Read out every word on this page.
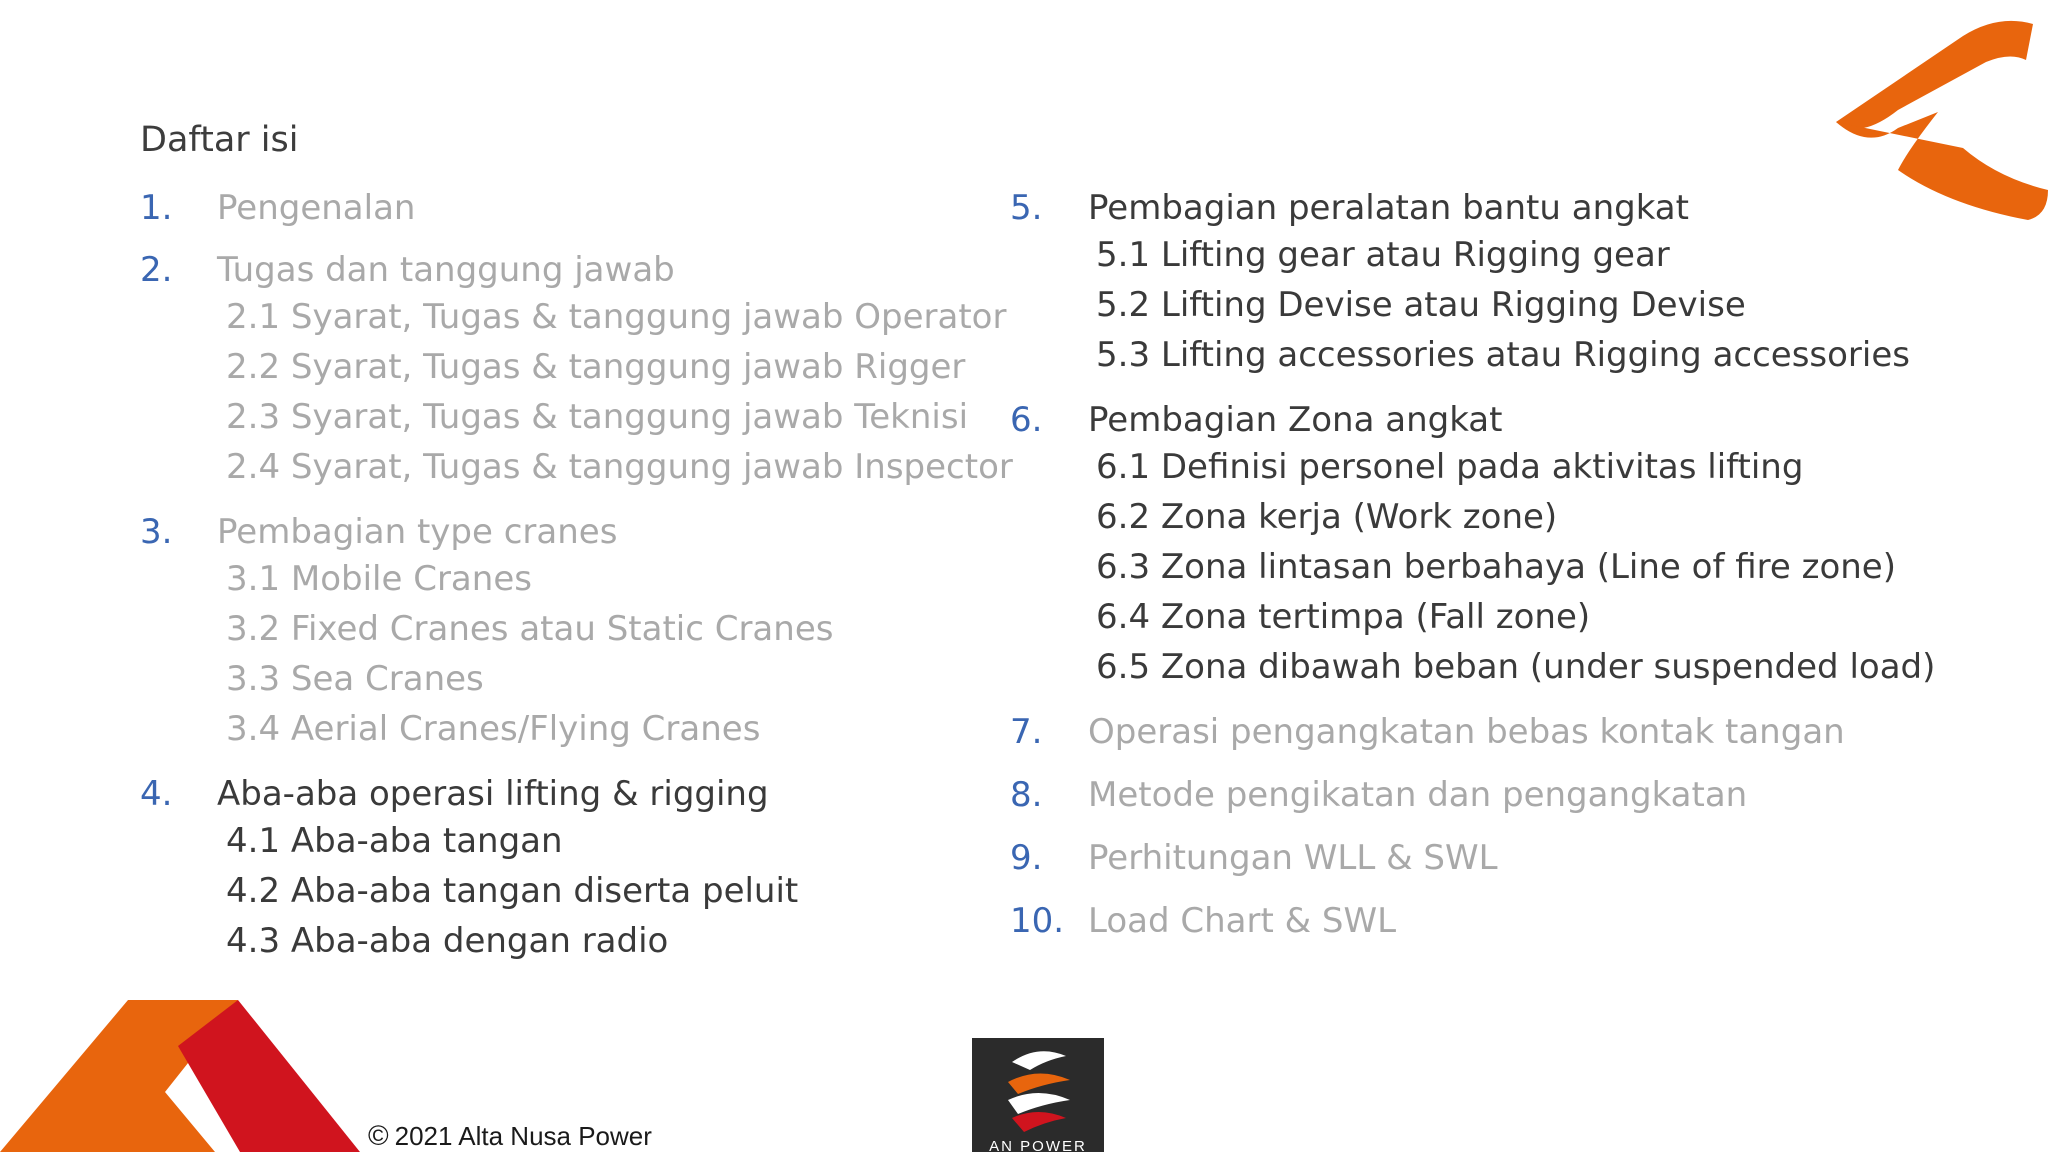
Daftar isi
1.	Pengenalan
2.	Tugas dan tanggung jawab
2.1 Syarat, Tugas & tanggung jawab Operator
2.2 Syarat, Tugas & tanggung jawab Rigger
2.3 Syarat, Tugas & tanggung jawab Teknisi
2.4 Syarat, Tugas & tanggung jawab Inspector
3.	Pembagian type cranes
3.1 Mobile Cranes
3.2 Fixed Cranes atau Static Cranes
3.3 Sea Cranes
3.4 Aerial Cranes/Flying Cranes
4.	Aba-aba operasi lifting & rigging
4.1 Aba-aba tangan
4.2 Aba-aba tangan diserta peluit
4.3 Aba-aba dengan radio
5.	Pembagian peralatan bantu angkat
5.1 Lifting gear atau Rigging gear
5.2 Lifting Devise atau Rigging Devise
5.3 Lifting accessories atau Rigging accessories
6.	Pembagian Zona angkat
6.1 Definisi personel pada aktivitas lifting
6.2 Zona kerja (Work zone)
6.3 Zona lintasan berbahaya (Line of fire zone)
6.4 Zona tertimpa (Fall zone)
6.5 Zona dibawah beban (under suspended load)
7.	Operasi pengangkatan bebas kontak tangan
8.	Metode pengikatan dan pengangkatan
9.	Perhitungan WLL & SWL
10. Load Chart & SWL
© 2021 Alta Nusa Power	AN POWER
